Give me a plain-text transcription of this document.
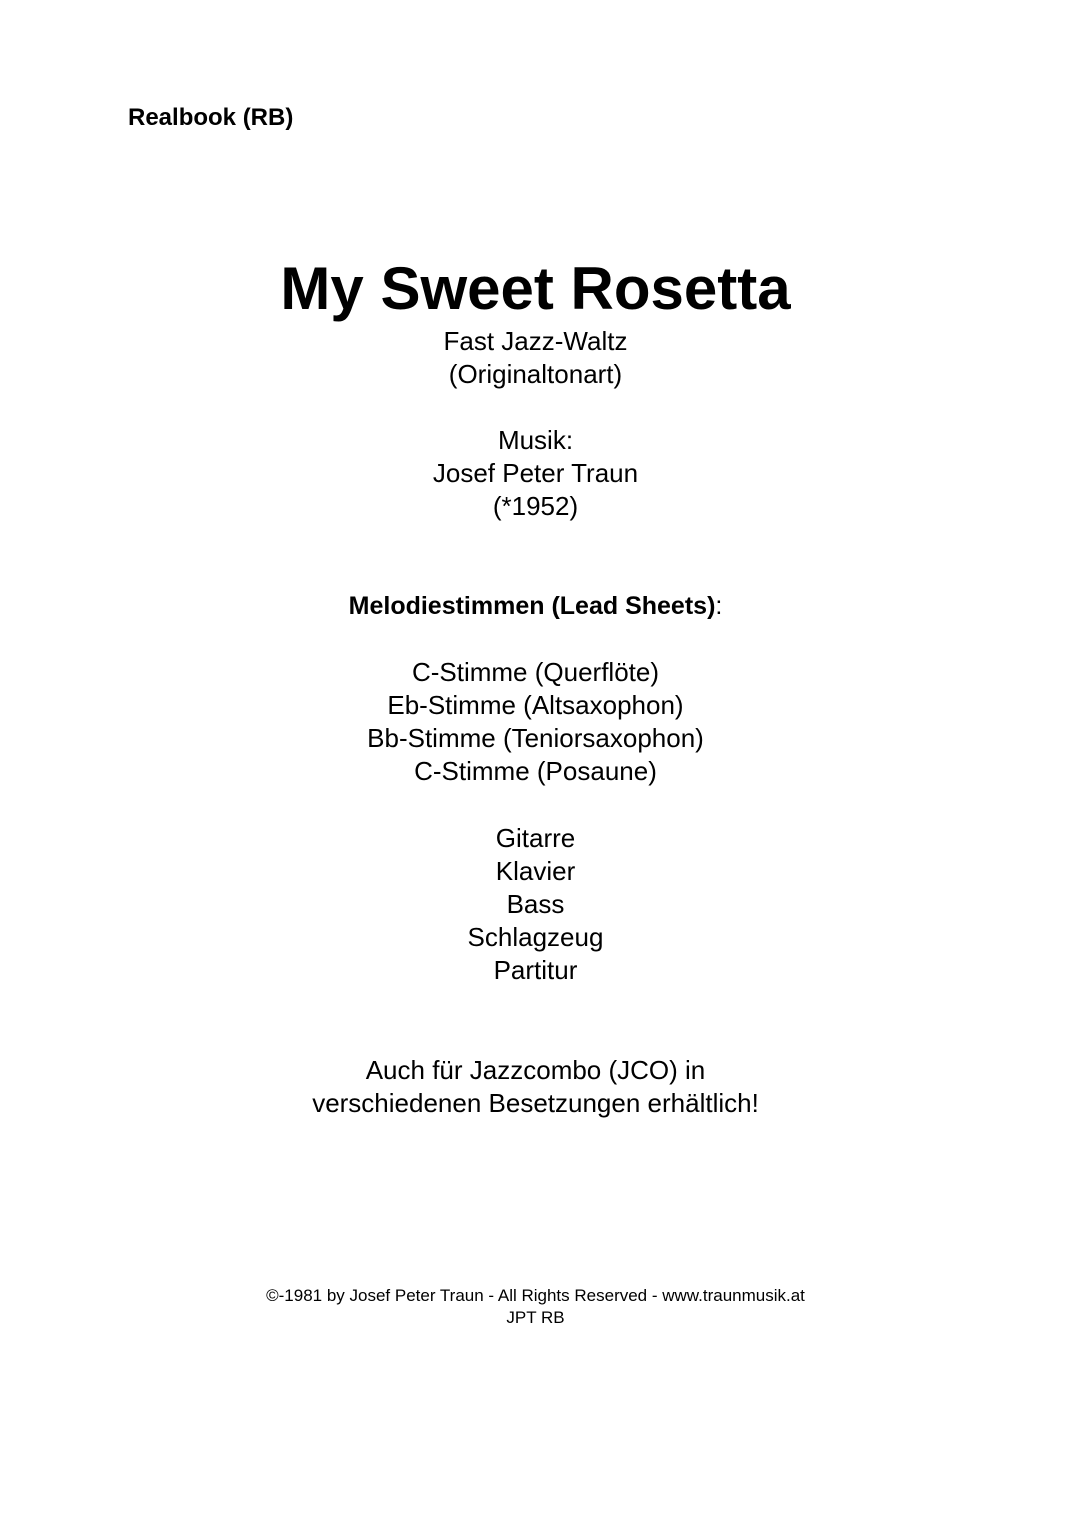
Realbook (RB)
My Sweet Rosetta
Fast Jazz-Waltz
(Originaltonart)
Musik:
Josef Peter Traun
(*1952)
Melodiestimmen (Lead Sheets):
C-Stimme (Querflöte)
Eb-Stimme (Altsaxophon)
Bb-Stimme (Teniorsaxophon)
C-Stimme (Posaune)
Gitarre
Klavier
Bass
Schlagzeug
Partitur
Auch für Jazzcombo (JCO) in
verschiedenen Besetzungen erhältlich!
©-1981 by Josef Peter Traun - All Rights Reserved - www.traunmusik.at
JPT RB
